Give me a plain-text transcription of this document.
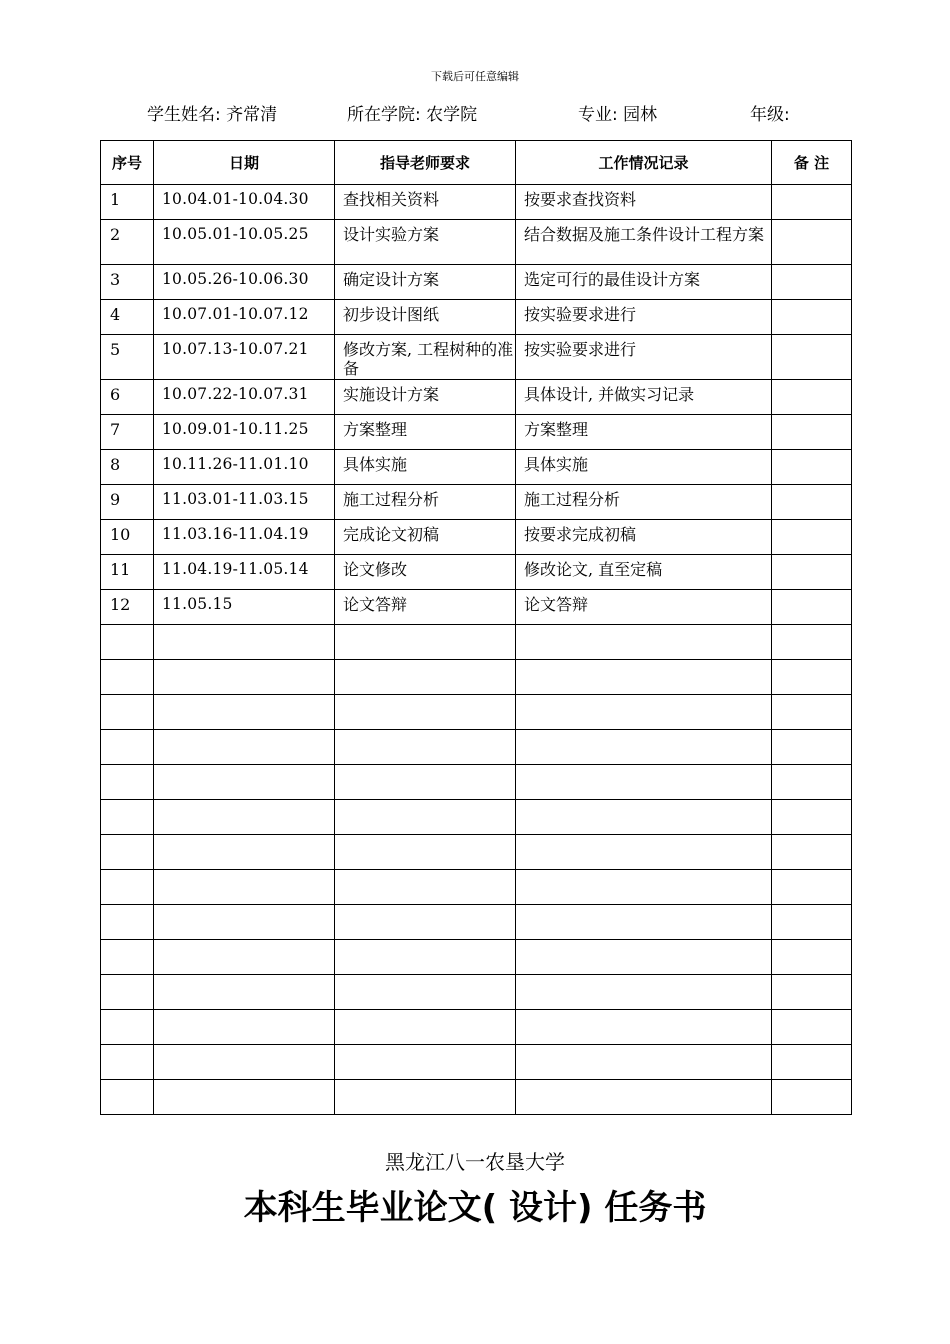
下载后可任意编辑
学生姓名: 齐常清	所在学院: 农学院	专业: 园林	年级:
序号	日期	指导老师要求	工作情况记录	备 注
1	10.04.01-10.04.30	查找相关资料	按要求查找资料	
2	10.05.01-10.05.25	设计实验方案	结合数据及施工条件设计工程方案	
3	10.05.26-10.06.30	确定设计方案	选定可行的最佳设计方案	
4	10.07.01-10.07.12	初步设计图纸	按实验要求进行	
5	10.07.13-10.07.21	修改方案, 工程树种的准备	按实验要求进行	
6	10.07.22-10.07.31	实施设计方案	具体设计, 并做实习记录	
7	10.09.01-10.11.25	方案整理	方案整理	
8	10.11.26-11.01.10	具体实施	具体实施	
9	11.03.01-11.03.15	施工过程分析	施工过程分析	
10	11.03.16-11.04.19	完成论文初稿	按要求完成初稿	
11	11.04.19-11.05.14	论文修改	修改论文, 直至定稿	
12	11.05.15	论文答辩	论文答辩	

黑龙江八一农垦大学
本科生毕业论文( 设计) 任务书
